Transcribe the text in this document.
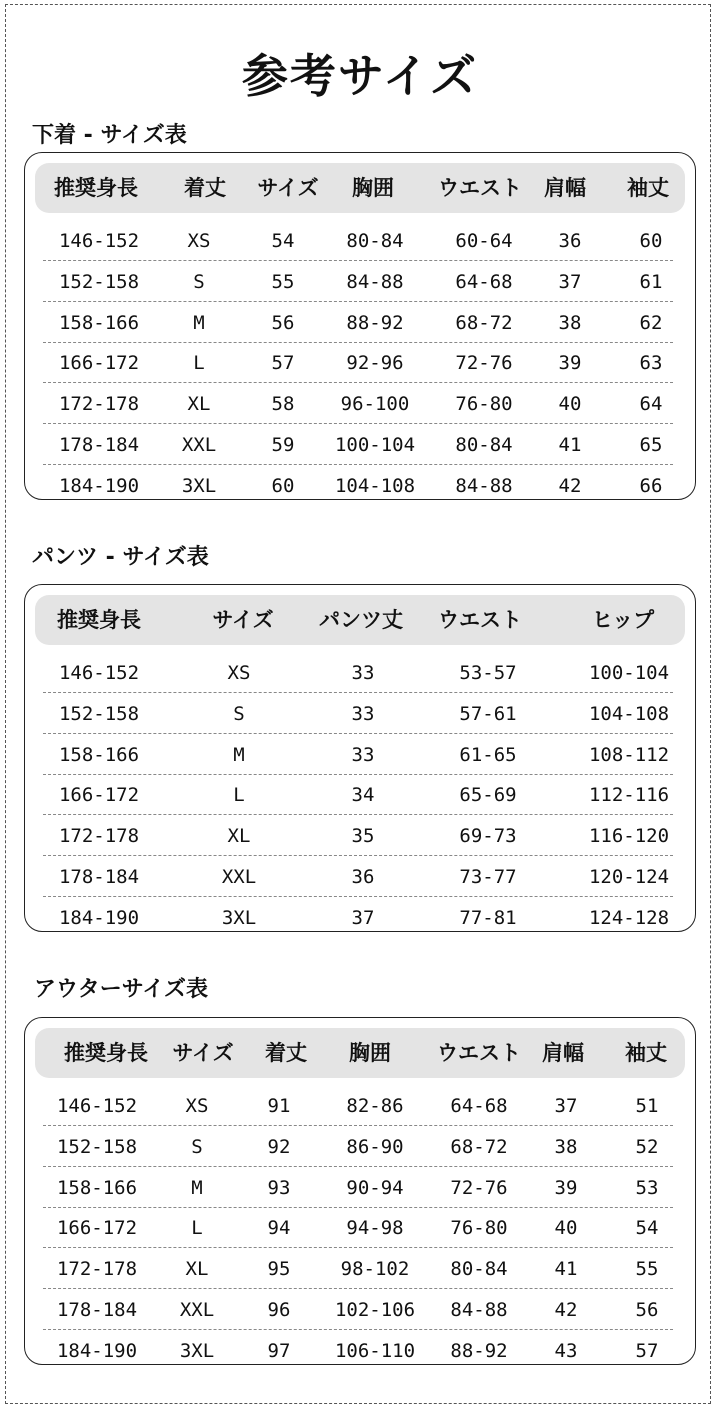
参考サイズ
下着 - サイズ表
推奨身長	着丈	サイズ	胸囲	ウエスト	肩幅	袖丈
146-152	XS	54	80-84	60-64	36	60
152-158	S	55	84-88	64-68	37	61
158-166	M	56	88-92	68-72	38	62
166-172	L	57	92-96	72-76	39	63
172-178	XL	58	96-100	76-80	40	64
178-184	XXL	59	100-104	80-84	41	65
184-190	3XL	60	104-108	84-88	42	66
パンツ - サイズ表
推奨身長	サイズ	パンツ丈	ウエスト	ヒップ
146-152	XS	33	53-57	100-104
152-158	S	33	57-61	104-108
158-166	M	33	61-65	108-112
166-172	L	34	65-69	112-116
172-178	XL	35	69-73	116-120
178-184	XXL	36	73-77	120-124
184-190	3XL	37	77-81	124-128
アウターサイズ表
推奨身長	サイズ	着丈	胸囲	ウエスト	肩幅	袖丈
146-152	XS	91	82-86	64-68	37	51
152-158	S	92	86-90	68-72	38	52
158-166	M	93	90-94	72-76	39	53
166-172	L	94	94-98	76-80	40	54
172-178	XL	95	98-102	80-84	41	55
178-184	XXL	96	102-106	84-88	42	56
184-190	3XL	97	106-110	88-92	43	57
